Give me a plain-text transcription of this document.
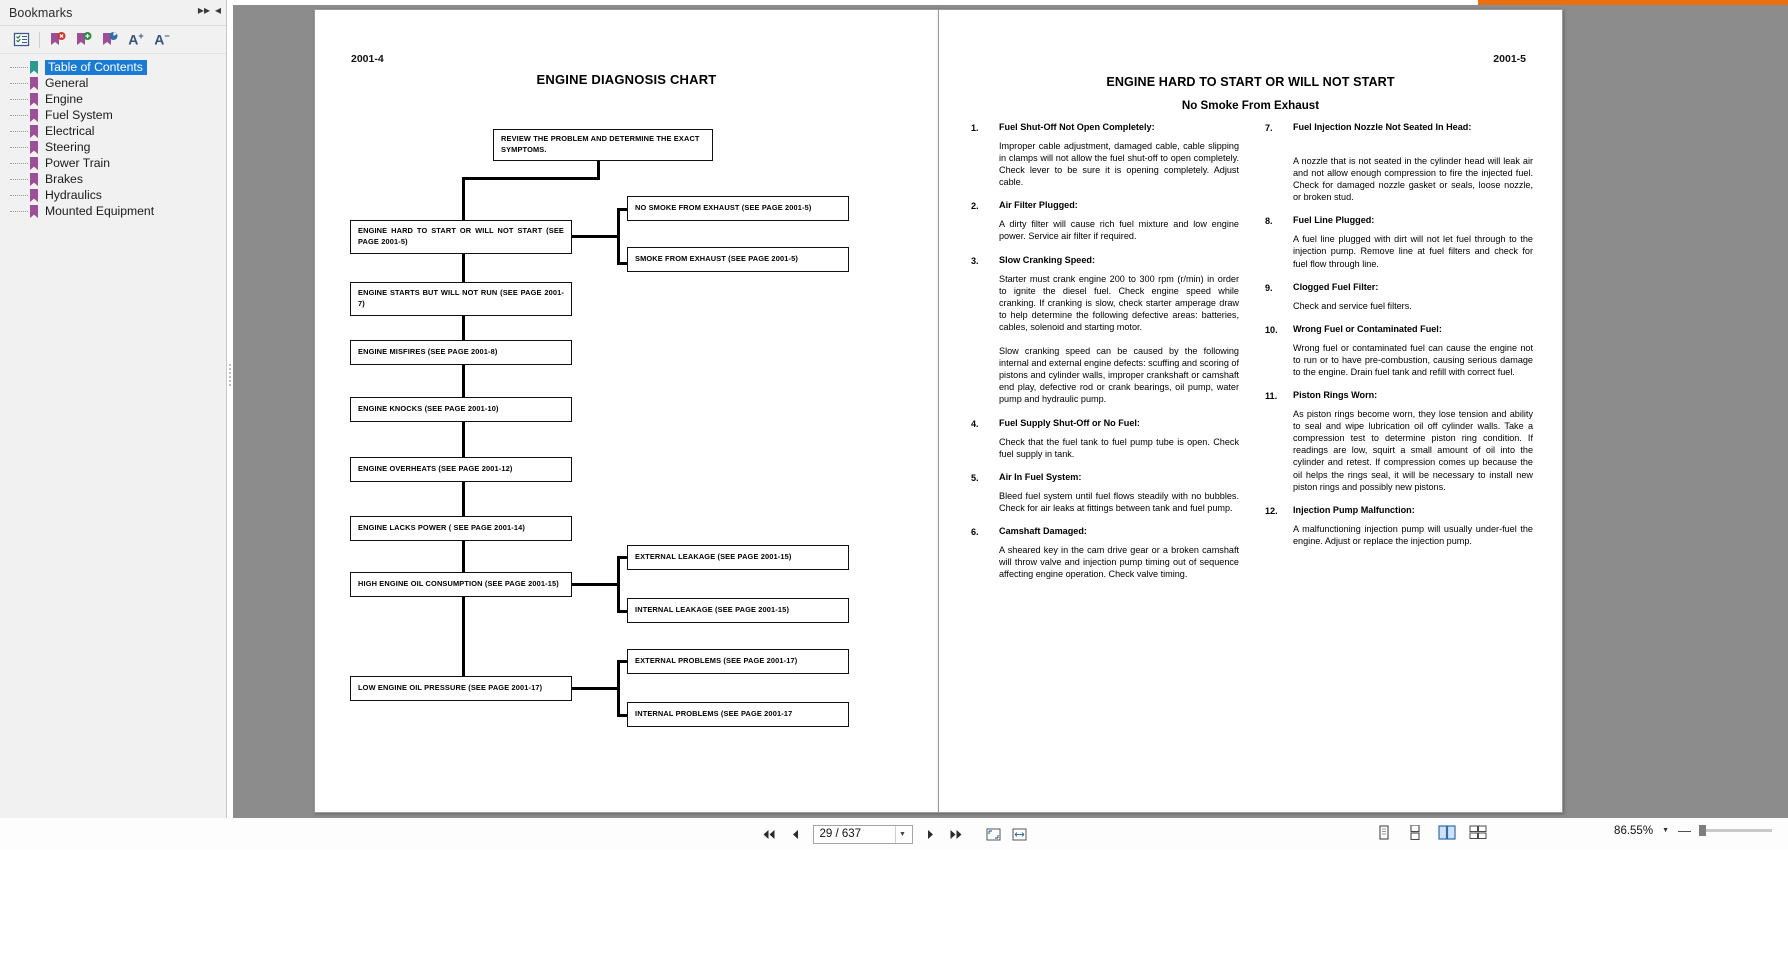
Bookmarks	▸▸ ◂
A+ A−
Table of Contents
General
Engine
Fuel System
Electrical
Steering
Power Train
Brakes
Hydraulics
Mounted Equipment
2001-4
ENGINE DIAGNOSIS CHART
REVIEW THE PROBLEM AND DETERMINE THE EXACT SYMPTOMS.
ENGINE HARD TO START OR WILL NOT START (SEE PAGE 2001-5)
NO SMOKE FROM EXHAUST (SEE PAGE 2001-5)
SMOKE FROM EXHAUST (SEE PAGE 2001-5)
ENGINE STARTS BUT WILL NOT RUN (SEE PAGE 2001-7)
ENGINE MISFIRES (SEE PAGE 2001-8)
ENGINE KNOCKS (SEE PAGE 2001-10)
ENGINE OVERHEATS (SEE PAGE 2001-12)
ENGINE LACKS POWER ( SEE PAGE 2001-14)
HIGH ENGINE OIL CONSUMPTION (SEE PAGE 2001-15)
EXTERNAL LEAKAGE (SEE PAGE 2001-15)
INTERNAL LEAKAGE (SEE PAGE 2001-15)
LOW ENGINE OIL PRESSURE (SEE PAGE 2001-17)
EXTERNAL PROBLEMS (SEE PAGE 2001-17)
INTERNAL PROBLEMS (SEE PAGE 2001-17
2001-5
ENGINE HARD TO START OR WILL NOT START
No Smoke From Exhaust
1.	Fuel Shut-Off Not Open Completely:
Improper cable adjustment, damaged cable, cable slipping in clamps will not allow the fuel shut-off to open completely. Check lever to be sure it is opening completely. Adjust cable.
2.	Air Filter Plugged:
A dirty filter will cause rich fuel mixture and low engine power. Service air filter if required.
3.	Slow Cranking Speed:
Starter must crank engine 200 to 300 rpm (r/min) in order to ignite the diesel fuel. Check engine speed while cranking. If cranking is slow, check starter amperage draw to help determine the following defective areas: batteries, cables, solenoid and starting motor.
Slow cranking speed can be caused by the following internal and external engine defects: scuffing and scoring of pistons and cylinder walls, improper crankshaft or camshaft end play, defective rod or crank bearings, oil pump, water pump and hydraulic pump.
4.	Fuel Supply Shut-Off or No Fuel:
Check that the fuel tank to fuel pump tube is open. Check fuel supply in tank.
5.	Air In Fuel System:
Bleed fuel system until fuel flows steadily with no bubbles. Check for air leaks at fittings between tank and fuel pump.
6.	Camshaft Damaged:
A sheared key in the cam drive gear or a broken camshaft will throw valve and injection pump timing out of sequence affecting engine operation. Check valve timing.
7.	Fuel Injection Nozzle Not Seated In Head:
A nozzle that is not seated in the cylinder head will leak air and not allow enough compression to fire the injected fuel. Check for damaged nozzle gasket or seals, loose nozzle, or broken stud.
8.	Fuel Line Plugged:
A fuel line plugged with dirt will not let fuel through to the injection pump. Remove line at fuel filters and check for fuel flow through line.
9.	Clogged Fuel Filter:
Check and service fuel filters.
10.	Wrong Fuel or Contaminated Fuel:
Wrong fuel or contaminated fuel can cause the engine not to run or to have pre-combustion, causing serious damage to the engine. Drain fuel tank and refill with correct fuel.
11.	Piston Rings Worn:
As piston rings become worn, they lose tension and ability to seal and wipe lubrication oil off cylinder walls. Take a compression test to determine piston ring condition. If readings are low, squirt a small amount of oil into the cylinder and retest. If compression comes up because the oil helps the rings seal, it will be necessary to install new piston rings and possibly new pistons.
12.	Injection Pump Malfunction:
A malfunctioning injection pump will usually under-fuel the engine. Adjust or replace the injection pump.
29 / 637	▼	86.55% ▼ —
